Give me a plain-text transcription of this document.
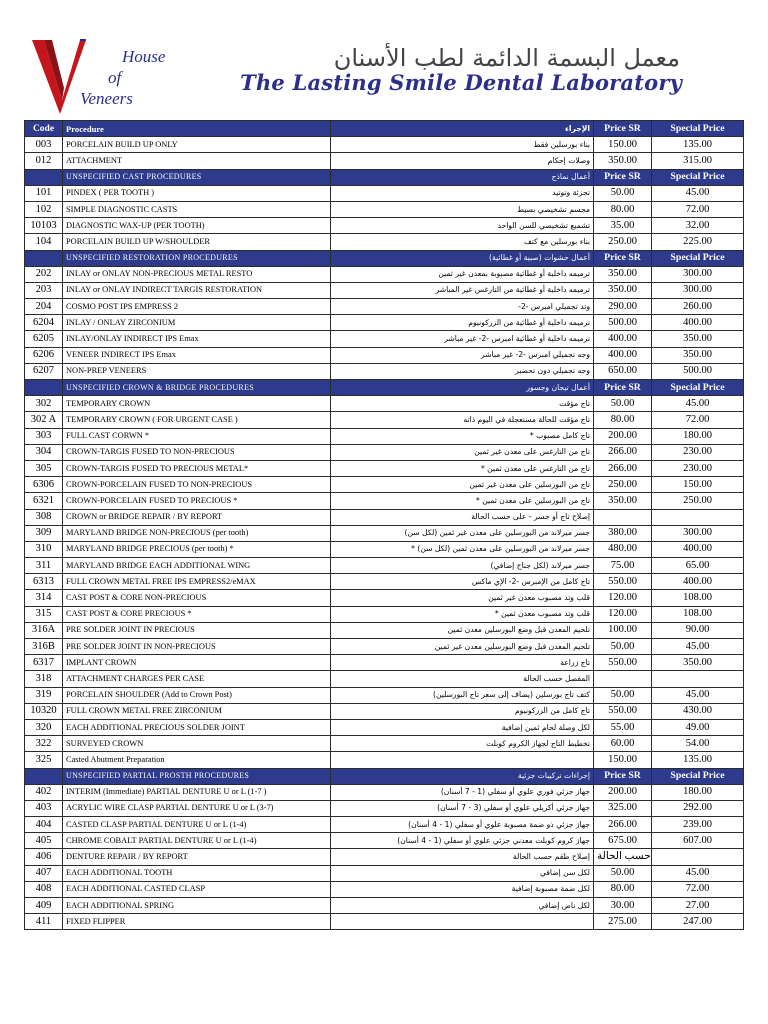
House
of
Veneers
معمل البسمة الدائمة لطب الأسنان
The Lasting Smile Dental Laboratory
Code	Procedure	الإجراء	Price SR	Special Price
003	PORCELAIN BUILD UP ONLY	بناء بورسلين فقط	150.00	135.00
012	ATTACHMENT	وصلات إحكام	350.00	315.00
	UNSPECIFIED CAST PROCEDURES	أعمال نماذج	Price SR	Special Price
101	PINDEX ( PER TOOTH )	تجزئة وتوتيد	50.00	45.00
102	SIMPLE DIAGNOSTIC CASTS	مجسم تشخيصي بسيط	80.00	72.00
10103	DIAGNOSTIC WAX-UP (PER TOOTH)	تشميع تشخيصي للسن الواحد	35.00	32.00
104	PORCELAIN BUILD UP W/SHOULDER	بناء بورسلين مع كتف	250.00	225.00
	UNSPECIFIED RESTORATION PROCEDURES	أعمال حشوات (صبية أو غطائية)	Price SR	Special Price
202	INLAY or ONLAY NON-PRECIOUS METAL RESTO	ترميمه داخلية أو غطائية مصبوبة بمعدن غير ثمين	350.00	300.00
203	INLAY or ONLAY INDIRECT TARGIS RESTORATION	ترميمه داخلية أو غطائية من التارغس غير المباشر	350.00	300.00
204	COSMO POST IPS EMPRESS 2	وتد تجميلي امبرس -2-	290.00	260.00
6204	INLAY / ONLAY ZIRCONIUM	ترميمه داخلية أو غطائية من الزركونيوم	500.00	400.00
6205	INLAY/ONLAY INDIRECT IPS Emax	ترميمه داخلية أو غطائية امبرس -2- غير مباشر	400.00	350.00
6206	VENEER INDIRECT IPS Emax	وجه تجميلي امبرس -2- غير مباشر	400.00	350.00
6207	NON-PREP VENEERS	وجه تجميلي دون تحضير	650.00	500.00
	UNSPECIFIED CROWN & BRIDGE PROCEDURES	أعمال تيجان وجسور	Price SR	Special Price
302	TEMPORARY CROWN	تاج مؤقت	50.00	45.00
302 A	TEMPORARY CROWN ( FOR URGENT CASE )	تاج مؤقت للحالة مستعجلة في اليوم ذاته	80.00	72.00
303	FULL CAST CORWN *	تاج كامل مصبوب *	200.00	180.00
304	CROWN-TARGIS FUSED TO NON-PRECIOUS	تاج من التارغس على معدن غير ثمين	266.00	230.00
305	CROWN-TARGIS FUSED TO PRECIOUS METAL*	تاج من التارغس على معدن ثمين *	266.00	230.00
6306	CROWN-PORCELAIN FUSED TO NON-PRECIOUS	تاج من البورسلين على معدن غير ثمين	250.00	150.00
6321	CROWN-PORCELAIN FUSED TO PRECIOUS *	تاج من البورسلين على معدن ثمين *	350.00	250.00
308	CROWN or BRIDGE REPAIR / BY REPORT	إصلاح تاج أو جسر - على حسب الحالة		
309	MARYLAND BRIDGE NON-PRECIOUS (per tooth)	جسر ميرلاند من البورسلين على معدن غير ثمين (لكل سن)	380.00	300.00
310	MARYLAND BRIDGE PRECIOUS (per tooth) *	جسر ميرلاند من البورسلين على معدن ثمين (لكل سن) *	480.00	400.00
311	MARYLAND BRIDGE EACH ADDITIONAL WING	جسر ميرلاند (لكل جناح إضافي)	75.00	65.00
6313	FULL CROWN METAL FREE IPS EMPRESS2/eMAX	تاج كامل من الإمبرس -2- الإي ماكس	550.00	400.00
314	CAST POST & CORE NON-PRECIOUS	قلب وتد مصبوب معدن غير ثمين	120.00	108.00
315	CAST POST & CORE PRECIOUS *	قلب وتد مصبوب معدن ثمين *	120.00	108.00
316A	PRE SOLDER JOINT IN PRECIOUS	تلحيم المعدن قبل وضع البورسلين معدن ثمين	100.00	90.00
316B	PRE SOLDER JOINT IN NON-PRECIOUS	تلحيم المعدن قبل وضع البورسلين معدن غير ثمين	50.00	45.00
6317	IMPLANT CROWN	تاج زراعة	550.00	350.00
318	ATTACHMENT CHARGES PER CASE	المفصل حسب الحالة		
319	PORCELAIN SHOULDER (Add to Crown Post)	كتف تاج بورسلين (يضاف إلى سعر تاج البورسلين)	50.00	45.00
10320	FULL CROWN METAL FREE ZIRCONIUM	تاج كامل من الزركونيوم	550.00	430.00
320	EACH ADDITIONAL PRECIOUS SOLDER JOINT	لكل وصلة لحام ثمين إضافية	55.00	49.00
322	SURVEYED CROWN	تخطيط التاج لجهاز الكروم كوبلت	60.00	54.00
325	Casted Abutment Preparation		150.00	135.00
	UNSPECIFIED PARTIAL PROSTH PROCEDURES	إجراءات تركيبات جزئية	Price SR	Special Price
402	INTERIM (Immediate) PARTIAL DENTURE U or L (1-7 )	جهاز جزئي فوري علوي أو سفلي (1 - 7 أسنان)	200.00	180.00
403	ACRYLIC WIRE CLASP PARTIAL DENTURE U or L (3-7)	جهاز جزئي أكريلي علوي أو سفلي (3 - 7 أسنان)	325.00	292.00
404	CASTED CLASP PARTIAL DENTURE U or L (1-4)	جهاز جزئي ذو ضمة مصبوبة علوي أو سفلي (1 - 4 أسنان)	266.00	239.00
405	CHROME COBALT PARTIAL DENTURE U or L (1-4)	جهاز كروم كوبلت معدني جزئي علوي أو سفلي (1 - 4 أسنان)	675.00	607.00
406	DENTURE REPAIR / BY REPORT	إصلاح طقم حسب الحالة	حسب الحالة	
407	EACH ADDITIONAL TOOTH	لكل سن إضافي	50.00	45.00
408	EACH ADDITIONAL CASTED CLASP	لكل ضمة مصبوبة إضافية	80.00	72.00
409	EACH ADDITIONAL SPRING	لكل ناض إضافي	30.00	27.00
411	FIXED FLIPPER		275.00	247.00
